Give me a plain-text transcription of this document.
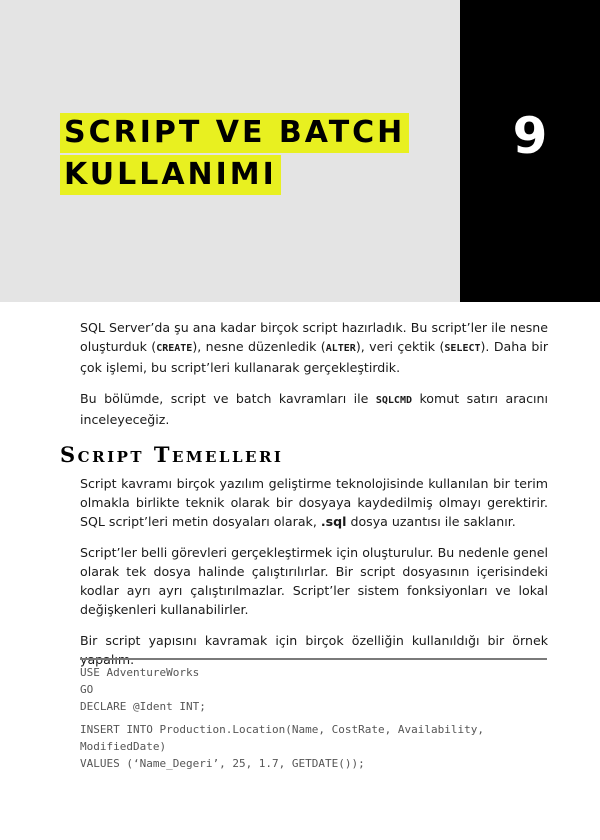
9
SCRIPT VE BATCH
KULLANIMI

SQL Server’da şu ana kadar birçok script hazırladık. Bu script’ler ile nesne oluşturduk (CREATE), nesne düzenledik (ALTER), veri çektik (SELECT). Daha bir çok işlemi, bu script’leri kullanarak gerçekleştirdik.

Bu bölümde, script ve batch kavramları ile SQLCMD komut satırı aracını inceleyeceğiz.

Script Temelleri

Script kavramı birçok yazılım geliştirme teknolojisinde kullanılan bir terim olmakla birlikte teknik olarak bir dosyaya kaydedilmiş olmayı gerektirir. SQL script’leri metin dosyaları olarak, .sql dosya uzantısı ile saklanır.

Script’ler belli görevleri gerçekleştirmek için oluşturulur. Bu nedenle genel olarak tek dosya halinde çalıştırılırlar. Bir script dosyasının içerisindeki kodlar ayrı ayrı çalıştırılmazlar. Script’ler sistem fonksiyonları ve lokal değişkenleri kullanabilirler.

Bir script yapısını kavramak için birçok özelliğin kullanıldığı bir örnek

USE AdventureWorks
GO
DECLARE @Ident INT;
INSERT INTO Production.Location(Name, CostRate, Availability,
ModifiedDate)
VALUES (‘Name_Degeri’, 25, 1.7, GETDATE());
